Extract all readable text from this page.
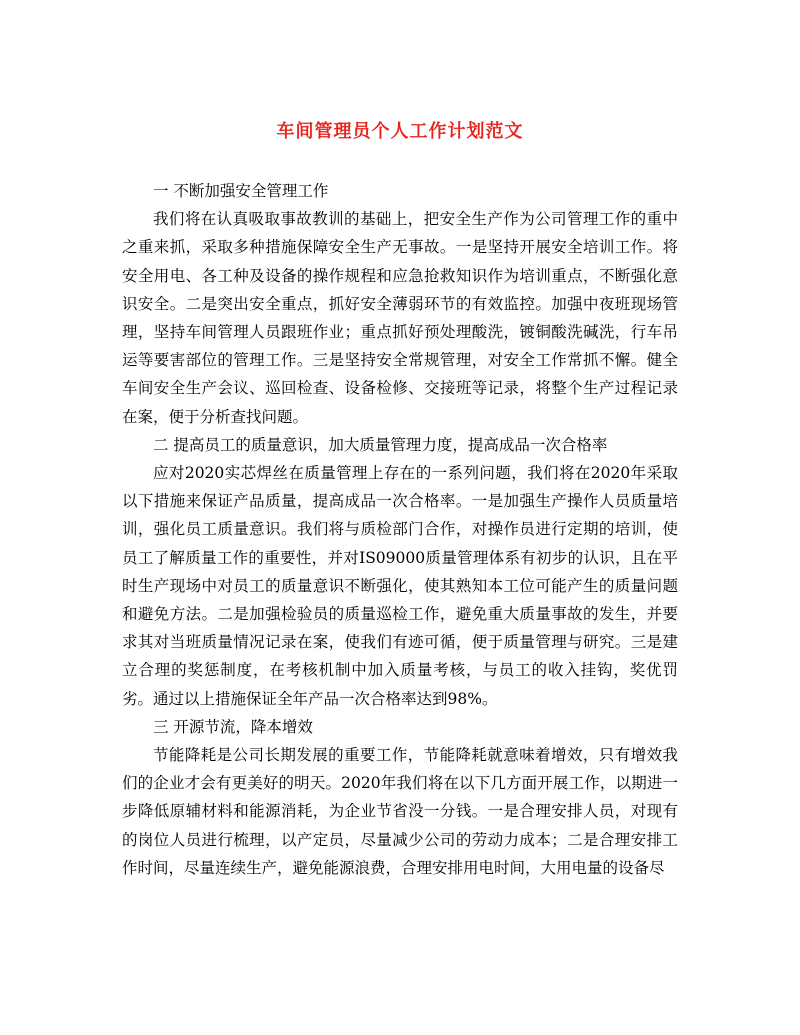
车间管理员个人工作计划范文

一 不断加强安全管理工作

我们将在认真吸取事故教训的基础上，把安全生产作为公司管理工作的重中之重来抓，采取多种措施保障安全生产无事故。一是坚持开展安全培训工作。将安全用电、各工种及设备的操作规程和应急抢救知识作为培训重点，不断强化意识安全。二是突出安全重点，抓好安全薄弱环节的有效监控。加强中夜班现场管理，坚持车间管理人员跟班作业；重点抓好预处理酸洗，镀铜酸洗碱洗，行车吊运等要害部位的管理工作。三是坚持安全常规管理，对安全工作常抓不懈。健全车间安全生产会议、巡回检查、设备检修、交接班等记录，将整个生产过程记录在案，便于分析查找问题。

二 提高员工的质量意识，加大质量管理力度，提高成品一次合格率

应对2020实芯焊丝在质量管理上存在的一系列问题，我们将在2020年采取以下措施来保证产品质量，提高成品一次合格率。一是加强生产操作人员质量培训，强化员工质量意识。我们将与质检部门合作，对操作员进行定期的培训，使员工了解质量工作的重要性，并对IS09000质量管理体系有初步的认识，且在平时生产现场中对员工的质量意识不断强化，使其熟知本工位可能产生的质量问题和避免方法。二是加强检验员的质量巡检工作，避免重大质量事故的发生，并要求其对当班质量情况记录在案，使我们有迹可循，便于质量管理与研究。三是建立合理的奖惩制度，在考核机制中加入质量考核，与员工的收入挂钩，奖优罚劣。通过以上措施保证全年产品一次合格率达到98%。

三 开源节流，降本增效

节能降耗是公司长期发展的重要工作，节能降耗就意味着增效，只有增效我们的企业才会有更美好的明天。2020年我们将在以下几方面开展工作，以期进一步降低原辅材料和能源消耗，为企业节省没一分钱。一是合理安排人员，对现有的岗位人员进行梳理，以产定员，尽量减少公司的劳动力成本；二是合理安排工作时间，尽量连续生产，避免能源浪费，合理安排用电时间，大用电量的设备尽
